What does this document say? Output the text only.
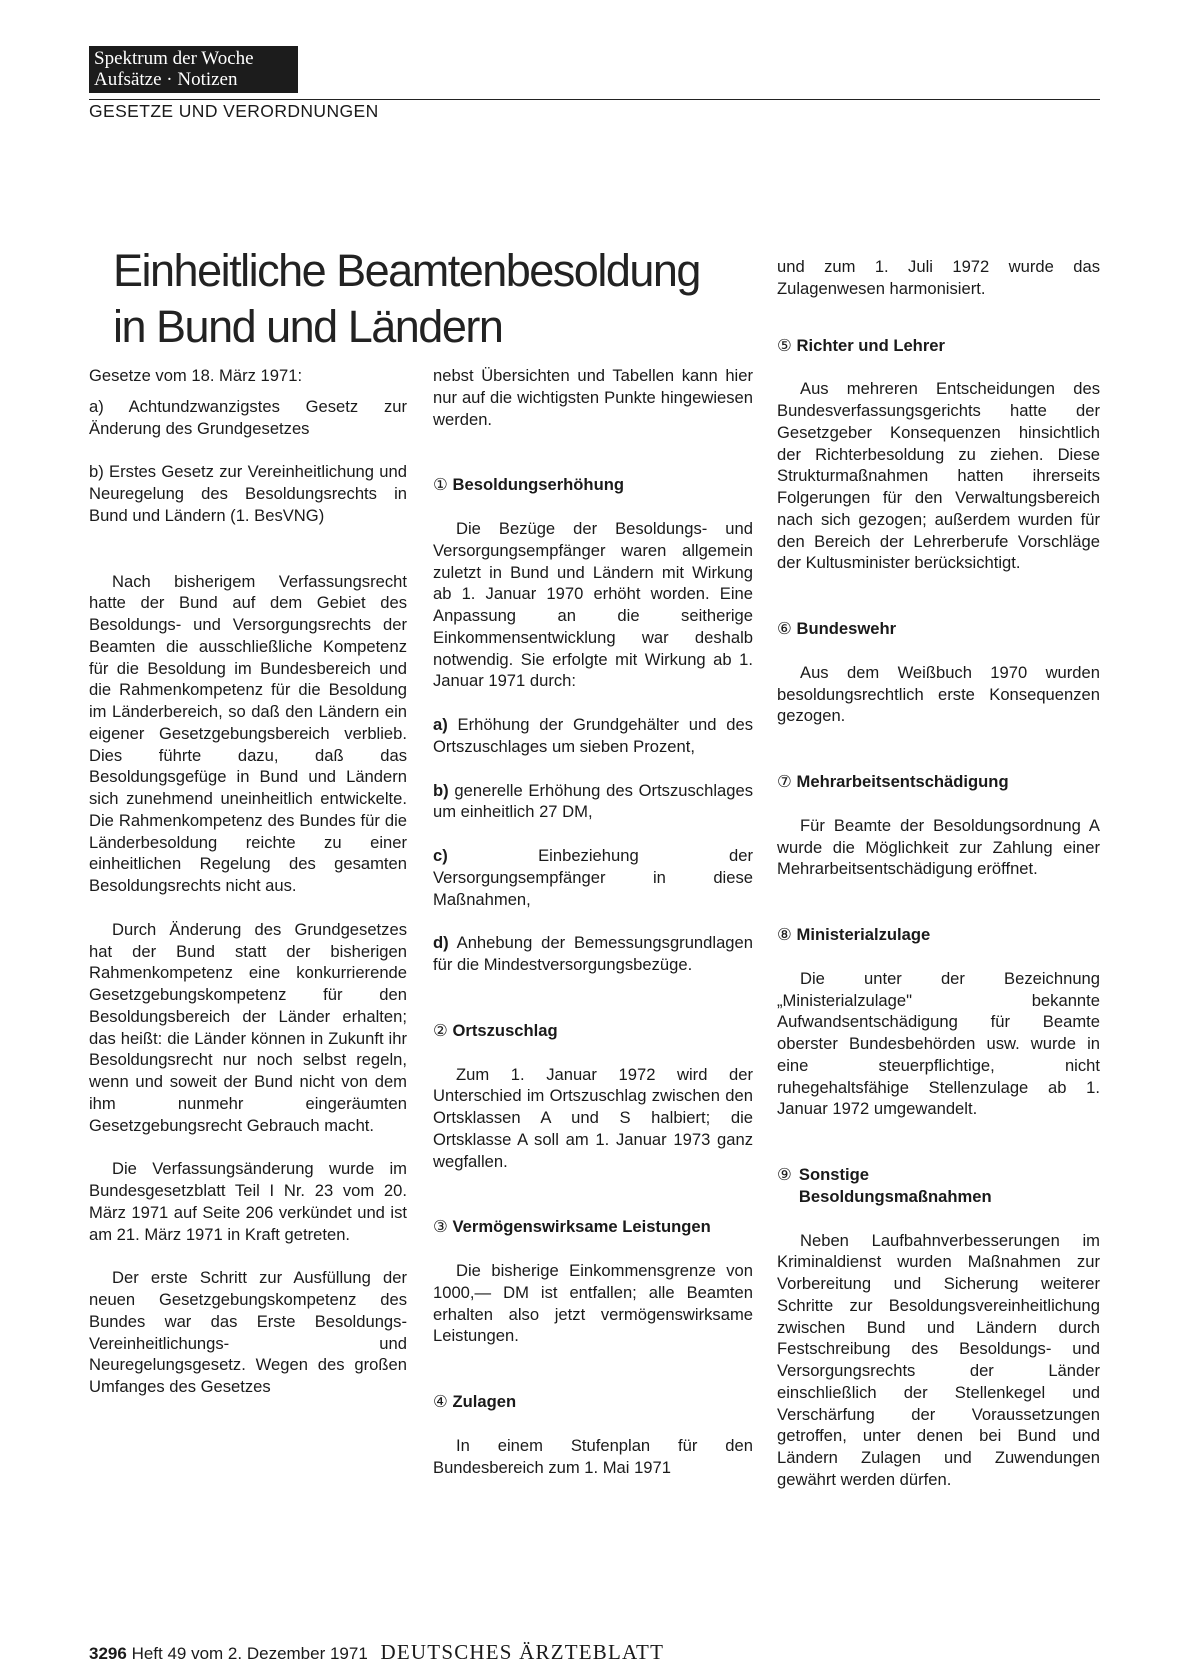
Spektrum der Woche
Aufsätze · Notizen
GESETZE UND VERORDNUNGEN
Einheitliche Beamtenbesoldung
in Bund und Ländern

Gesetze vom 18. März 1971:

a) Achtundzwanzigstes Gesetz zur Änderung des Grundgesetzes

b) Erstes Gesetz zur Vereinheitlichung und Neuregelung des Besoldungsrechts in Bund und Ländern (1. BesVNG)

Nach bisherigem Verfassungsrecht hatte der Bund auf dem Gebiet des Besoldungs- und Versorgungsrechts der Beamten die ausschließliche Kompetenz für die Besoldung im Bundesbereich und die Rahmenkompetenz für die Besoldung im Länderbereich, so daß den Ländern ein eigener Gesetzgebungsbereich verblieb. Dies führte dazu, daß das Besoldungsgefüge in Bund und Ländern sich zunehmend uneinheitlich entwickelte. Die Rahmenkompetenz des Bundes für die Länderbesoldung reichte zu einer einheitlichen Regelung des gesamten Besoldungsrechts nicht aus.

Durch Änderung des Grundgesetzes hat der Bund statt der bisherigen Rahmenkompetenz eine konkurrierende Gesetzgebungskompetenz für den Besoldungsbereich der Länder erhalten; das heißt: die Länder können in Zukunft ihr Besoldungsrecht nur noch selbst regeln, wenn und soweit der Bund nicht von dem ihm nunmehr eingeräumten Gesetzgebungsrecht Gebrauch macht.

Die Verfassungsänderung wurde im Bundesgesetzblatt Teil I Nr. 23 vom 20. März 1971 auf Seite 206 verkündet und ist am 21. März 1971 in Kraft getreten.

Der erste Schritt zur Ausfüllung der neuen Gesetzgebungskompetenz des Bundes war das Erste Besoldungs-Vereinheitlichungs- und Neuregelungsgesetz. Wegen des großen Umfanges des Gesetzes

nebst Übersichten und Tabellen kann hier nur auf die wichtigsten Punkte hingewiesen werden.

① Besoldungserhöhung

Die Bezüge der Besoldungs- und Versorgungsempfänger waren allgemein zuletzt in Bund und Ländern mit Wirkung ab 1. Januar 1970 erhöht worden. Eine Anpassung an die seitherige Einkommensentwicklung war deshalb notwendig. Sie erfolgte mit Wirkung ab 1. Januar 1971 durch:

a) Erhöhung der Grundgehälter und des Ortszuschlages um sieben Prozent,

b) generelle Erhöhung des Ortszuschlages um einheitlich 27 DM,

c) Einbeziehung der Versorgungsempfänger in diese Maßnahmen,

d) Anhebung der Bemessungsgrundlagen für die Mindestversorgungsbezüge.

② Ortszuschlag

Zum 1. Januar 1972 wird der Unterschied im Ortszuschlag zwischen den Ortsklassen A und S halbiert; die Ortsklasse A soll am 1. Januar 1973 ganz wegfallen.

③ Vermögenswirksame Leistungen

Die bisherige Einkommensgrenze von 1000,— DM ist entfallen; alle Beamten erhalten also jetzt vermögenswirksame Leistungen.

④ Zulagen

In einem Stufenplan für den Bundesbereich zum 1. Mai 1971

und zum 1. Juli 1972 wurde das Zulagenwesen harmonisiert.

⑤ Richter und Lehrer

Aus mehreren Entscheidungen des Bundesverfassungsgerichts hatte der Gesetzgeber Konsequenzen hinsichtlich der Richterbesoldung zu ziehen. Diese Strukturmaßnahmen hatten ihrerseits Folgerungen für den Verwaltungsbereich nach sich gezogen; außerdem wurden für den Bereich der Lehrerberufe Vorschläge der Kultusminister berücksichtigt.

⑥ Bundeswehr

Aus dem Weißbuch 1970 wurden besoldungsrechtlich erste Konsequenzen gezogen.

⑦ Mehrarbeitsentschädigung

Für Beamte der Besoldungsordnung A wurde die Möglichkeit zur Zahlung einer Mehrarbeitsentschädigung eröffnet.

⑧ Ministerialzulage

Die unter der Bezeichnung „Ministerialzulage" bekannte Aufwandsentschädigung für Beamte oberster Bundesbehörden usw. wurde in eine steuerpflichtige, nicht ruhegehaltsfähige Stellenzulage ab 1. Januar 1972 umgewandelt.

⑨ Sonstige
Besoldungsmaßnahmen

Neben Laufbahnverbesserungen im Kriminaldienst wurden Maßnahmen zur Vorbereitung und Sicherung weiterer Schritte zur Besoldungsvereinheitlichung zwischen Bund und Ländern durch Festschreibung des Besoldungs- und Versorgungsrechts der Länder einschließlich der Stellenkegel und Verschärfung der Voraussetzungen getroffen, unter denen bei Bund und Ländern Zulagen und Zuwendungen gewährt werden dürfen.

3296 Heft 49 vom 2. Dezember 1971 DEUTSCHES ÄRZTEBLATT
